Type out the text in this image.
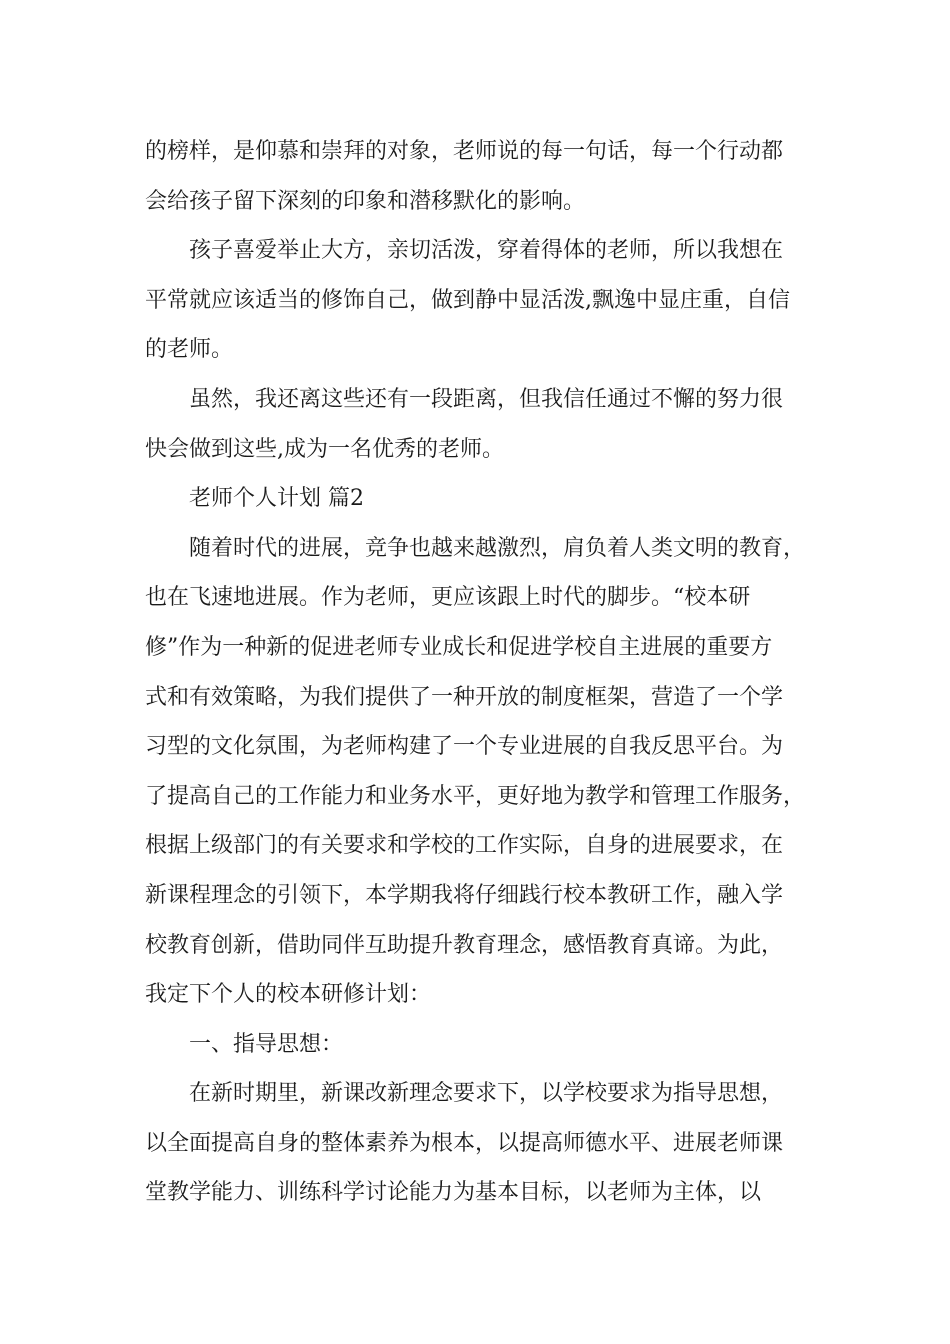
的榜样，是仰慕和崇拜的对象，老师说的每一句话，每一个行动都
会给孩子留下深刻的印象和潜移默化的影响。

孩子喜爱举止大方，亲切活泼，穿着得体的老师，所以我想在
平常就应该适当的修饰自己，做到静中显活泼,飘逸中显庄重，自信
的老师。

虽然，我还离这些还有一段距离，但我信任通过不懈的努力很
快会做到这些,成为一名优秀的老师。

老师个人计划 篇2

随着时代的进展，竞争也越来越激烈，肩负着人类文明的教育，
也在飞速地进展。作为老师，更应该跟上时代的脚步。“校本研
修”作为一种新的促进老师专业成长和促进学校自主进展的重要方
式和有效策略，为我们提供了一种开放的制度框架，营造了一个学
习型的文化氛围，为老师构建了一个专业进展的自我反思平台。为
了提高自己的工作能力和业务水平，更好地为教学和管理工作服务，
根据上级部门的有关要求和学校的工作实际，自身的进展要求，在
新课程理念的引领下，本学期我将仔细践行校本教研工作，融入学
校教育创新，借助同伴互助提升教育理念，感悟教育真谛。为此，
我定下个人的校本研修计划：

一、指导思想：

在新时期里，新课改新理念要求下，以学校要求为指导思想，
以全面提高自身的整体素养为根本，以提高师德水平、进展老师课
堂教学能力、训练科学讨论能力为基本目标，以老师为主体，以
